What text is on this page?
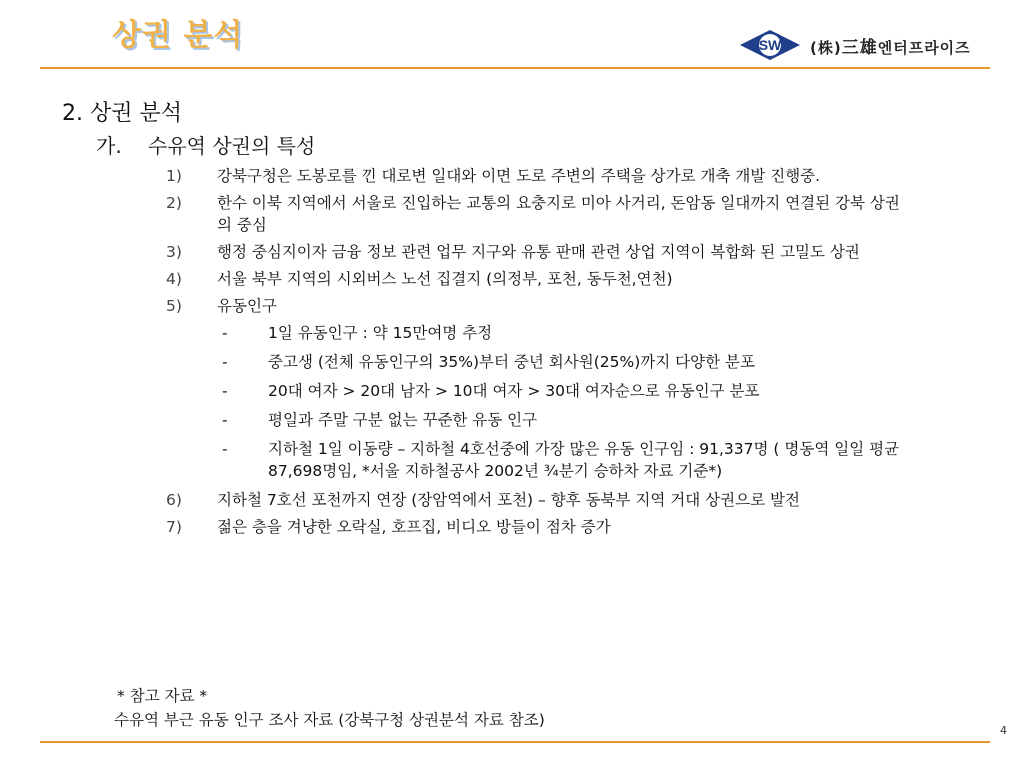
상권 분석	SW (株)三雄엔터프라이즈
2. 상권 분석
가. 수유역 상권의 특성
1) 강북구청은 도봉로를 낀 대로변 일대와 이면 도로 주변의 주택을 상가로 개축 개발 진행중.
2) 한수 이북 지역에서 서울로 진입하는 교통의 요충지로 미아 사거리, 돈암동 일대까지 연결된 강북 상권의 중심
3) 행정 중심지이자 금융 정보 관련 업무 지구와 유통 판매 관련 상업 지역이 복합화 된 고밀도 상권
4) 서울 북부 지역의 시외버스 노선 집결지 (의정부, 포천, 동두천,연천)
5) 유동인구
-	1일 유동인구 : 약 15만여명 추정
-	중고생 (전체 유동인구의 35%)부터 중년 회사원(25%)까지 다양한 분포
-	20대 여자 > 20대 남자 > 10대 여자 > 30대 여자순으로 유동인구 분포
-	평일과 주말 구분 없는 꾸준한 유동 인구
-	지하철 1일 이동량 – 지하철 4호선중에 가장 많은 유동 인구임 : 91,337명 ( 명동역 일일 평균 87,698명임, *서울 지하철공사 2002년 ¾분기 승하차 자료 기준*)
6) 지하철 7호선 포천까지 연장 (장암역에서 포천) – 향후 동북부 지역 거대 상권으로 발전
7) 젊은 층을 겨냥한 오락실, 호프집, 비디오 방들이 점차 증가
* 참고 자료 *
수유역 부근 유동 인구 조사 자료 (강북구청 상권분석 자료 참조)
4
